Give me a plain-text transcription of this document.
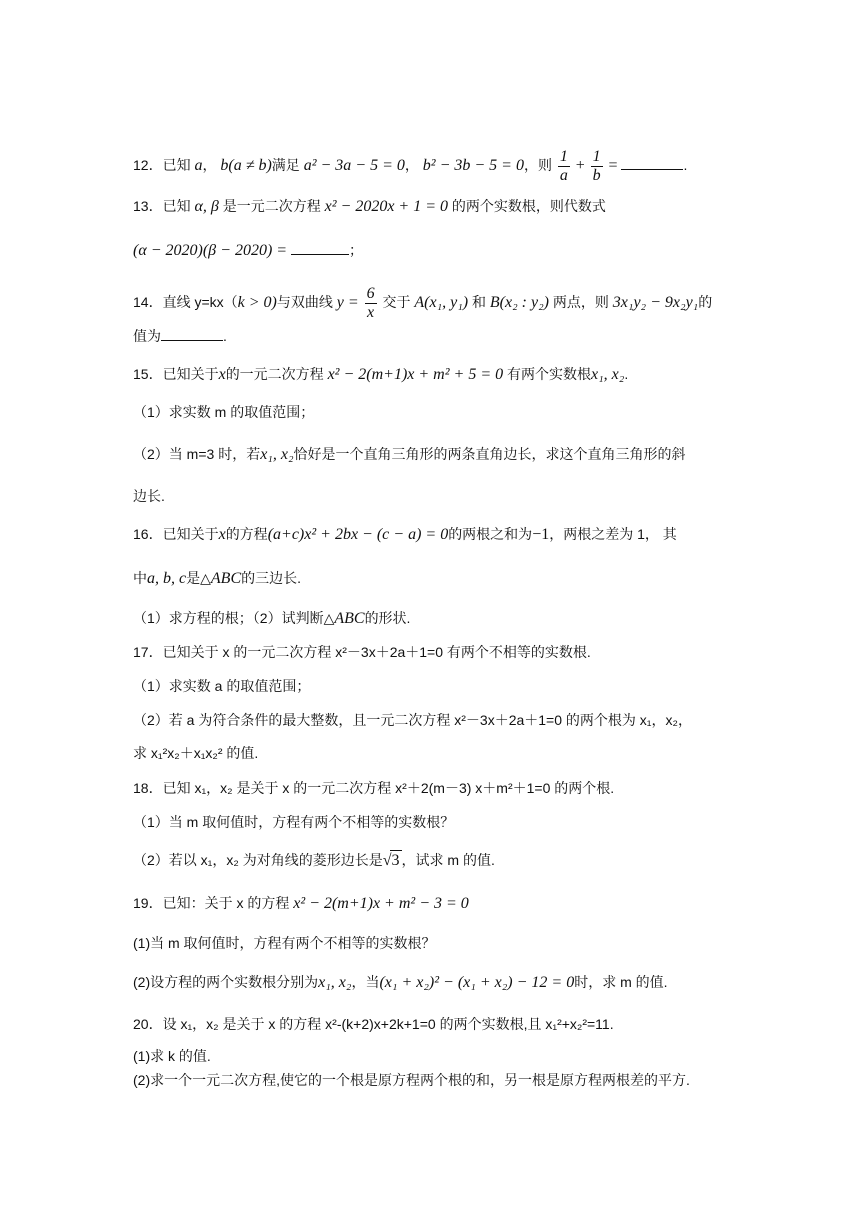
12．已知 a， b(a ≠ b)满足 a² − 3a − 5 = 0， b² − 3b − 5 = 0，则 $\frac{1}{a} + \frac{1}{b}$ =	.
13．已知 α, β 是一元二次方程 x² − 2020x + 1 = 0 的两个实数根，则代数式
(α − 2020)(β − 2020) =	；
14．直线 y=kx（k > 0)与双曲线 $y = \frac{6}{x}$ 交于 A(x₁, y₁) 和 B(x₂ : y₂) 两点，则 3x₁y₂ − 9x₂y₁的
值为	.
15．已知关于x的一元二次方程 x² − 2(m+1)x + m² + 5 = 0 有两个实数根x₁, x₂.
（1）求实数 m 的取值范围；
（2）当 m=3 时，若x₁, x₂恰好是一个直角三角形的两条直角边长，求这个直角三角形的斜
边长.
16．已知关于x的方程(a+c)x² + 2bx − (c − a) = 0的两根之和为−1，两根之差为 1， 其
中a, b, c是△ABC的三边长.
（1）求方程的根；（2）试判断△ABC的形状.
17．已知关于 x 的一元二次方程 x²－3x＋2a＋1=0 有两个不相等的实数根.
（1）求实数 a 的取值范围；
（2）若 a 为符合条件的最大整数，且一元二次方程 x²－3x＋2a＋1=0 的两个根为 x₁，x₂，
求 x₁²x₂＋x₁x₂² 的值.
18．已知 x₁，x₂ 是关于 x 的一元二次方程 x²＋2(m－3) x＋m²＋1=0 的两个根.
（1）当 m 取何值时，方程有两个不相等的实数根？
（2）若以 x₁，x₂ 为对角线的菱形边长是√3 ，试求 m 的值.
19．已知：关于 x 的方程 x² − 2(m+1)x + m² − 3 = 0
(1)当 m 取何值时，方程有两个不相等的实数根？
(2)设方程的两个实数根分别为x₁, x₂，当(x₁ + x₂)² − (x₁ + x₂) − 12 = 0时，求 m 的值.
20．设 x₁，x₂ 是关于 x 的方程 x²-(k+2)x+2k+1=0 的两个实数根,且 x₁²+x₂²=11.
(1)求 k 的值.
(2)求一个一元二次方程,使它的一个根是原方程两个根的和，另一根是原方程两根差的平方.
